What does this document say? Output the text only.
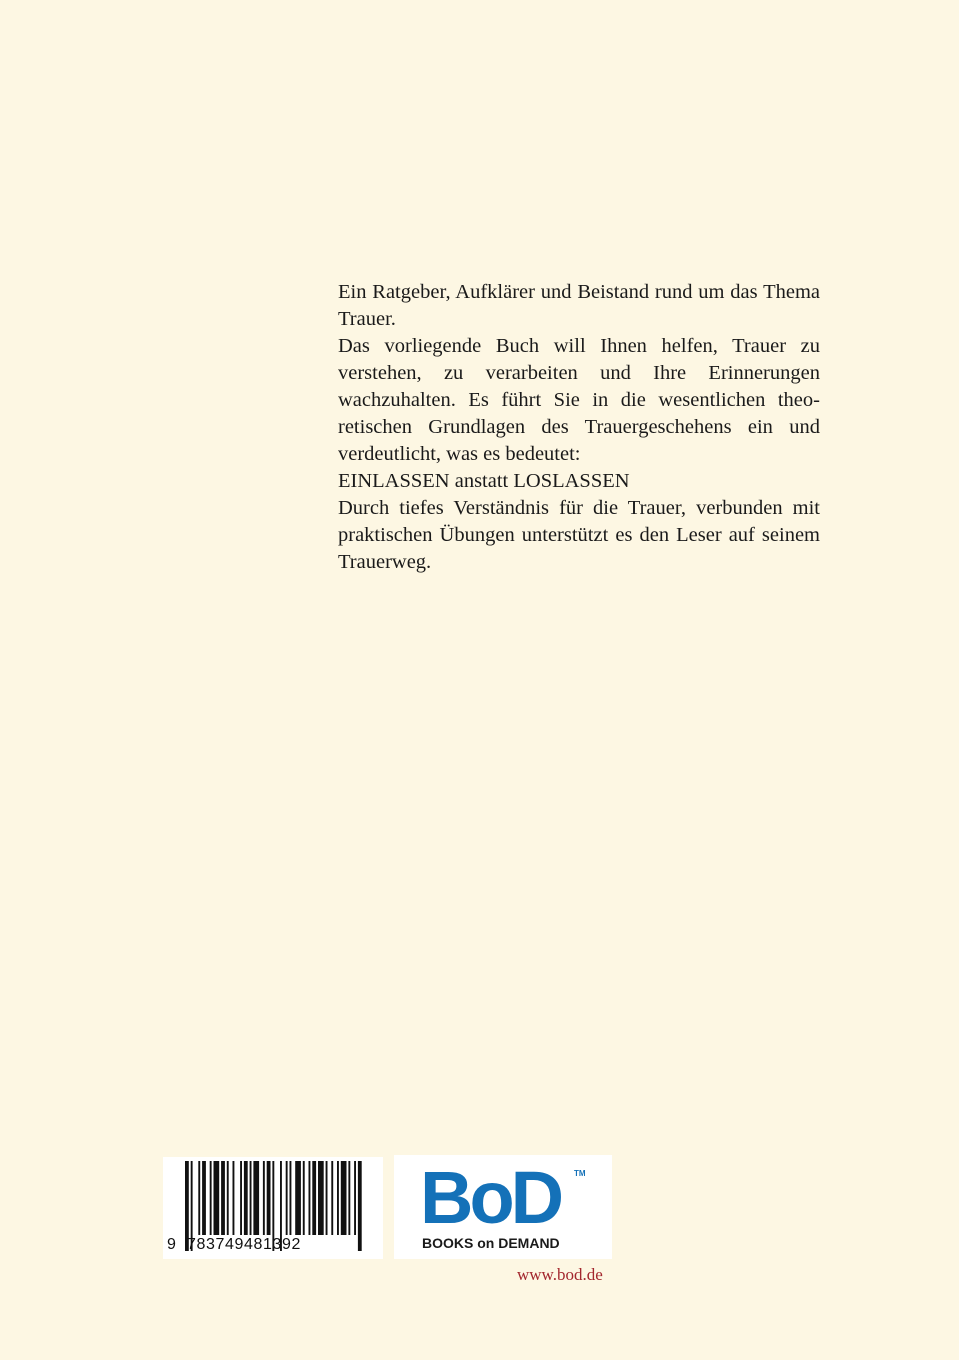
Ein Ratgeber, Aufklärer und Beistand rund um das Thema Trauer.

Das vorliegende Buch will Ihnen helfen, Trauer zu verstehen, zu verarbeiten und Ihre Erinnerungen wachzuhalten. Es führt Sie in die wesentlichen theoretischen Grundlagen des Trauergeschehens ein und verdeutlicht, was es bedeutet:

EINLASSEN anstatt LOSLASSEN

Durch tiefes Verständnis für die Trauer, verbunden mit praktischen Übungen unterstützt es den Leser auf seinem Trauerweg.

9 783749481392
BoD TM
BOOKS on DEMAND
www.bod.de
